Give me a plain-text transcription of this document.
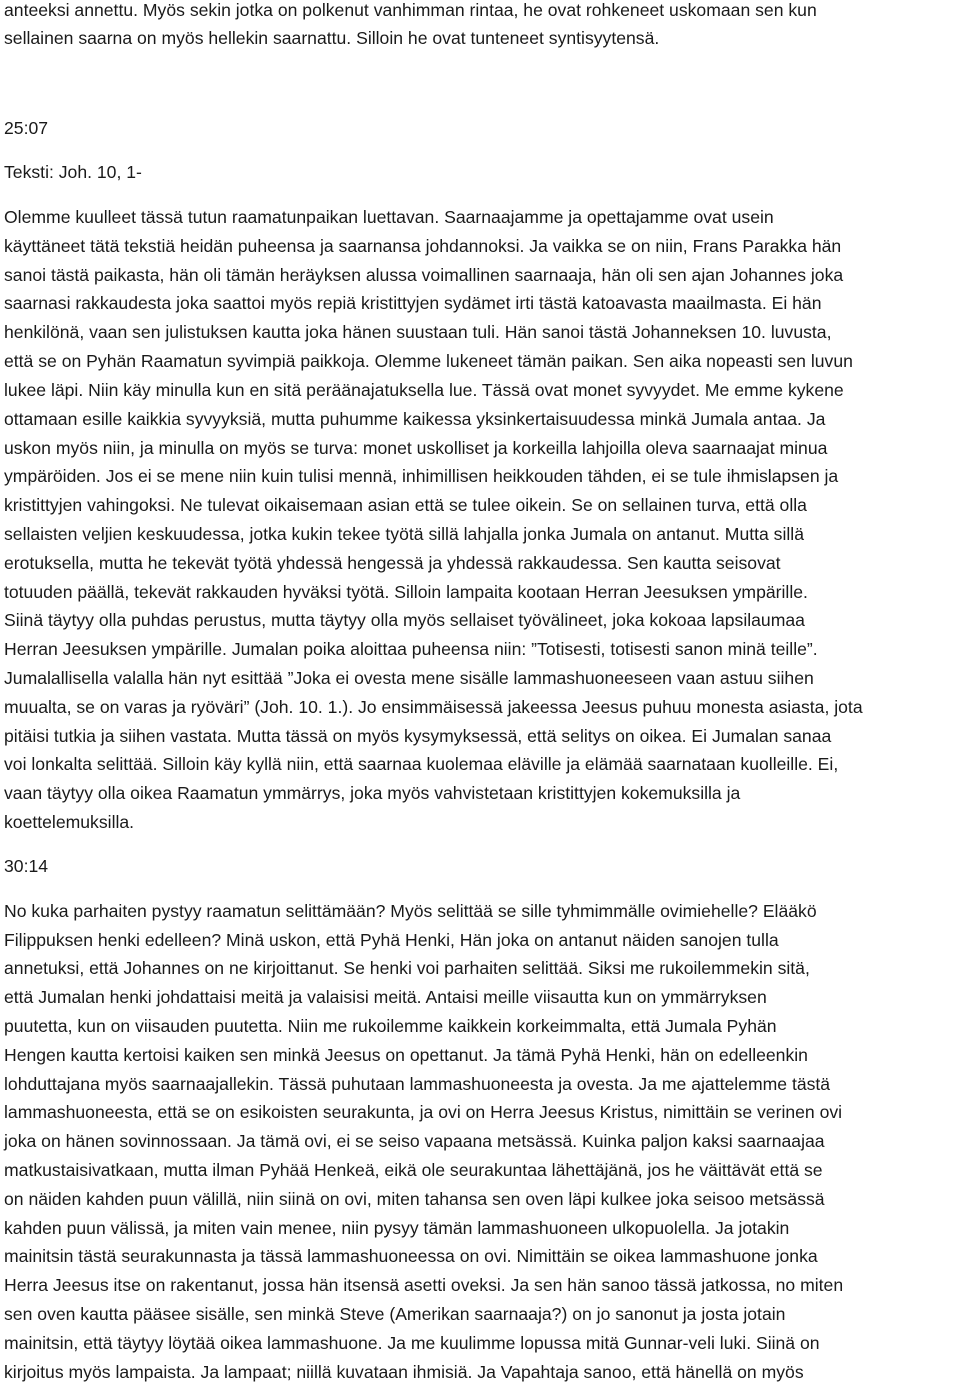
anteeksi annettu. Myös sekin jotka on polkenut vanhimman rintaa, he ovat rohkeneet uskomaan sen kun
sellainen saarna on myös hellekin saarnattu. Silloin he ovat tunteneet syntisyytensä.
25:07
Teksti: Joh. 10, 1-
Olemme kuulleet tässä tutun raamatunpaikan luettavan. Saarnaajamme ja opettajamme ovat usein
käyttäneet tätä tekstiä heidän puheensa ja saarnansa johdannoksi. Ja vaikka se on niin, Frans Parakka hän
sanoi tästä paikasta, hän oli tämän heräyksen alussa voimallinen saarnaaja, hän oli sen ajan Johannes joka
saarnasi rakkaudesta joka saattoi myös repiä kristittyjen sydämet irti tästä katoavasta maailmasta. Ei hän
henkilönä, vaan sen julistuksen kautta joka hänen suustaan tuli. Hän sanoi tästä Johanneksen 10. luvusta,
että se on Pyhän Raamatun syvimpiä paikkoja. Olemme lukeneet tämän paikan. Sen aika nopeasti sen luvun
lukee läpi. Niin käy minulla kun en sitä peräänajatuksella lue. Tässä ovat monet syvyydet. Me emme kykene
ottamaan esille kaikkia syvyyksiä, mutta puhumme kaikessa yksinkertaisuudessa minkä Jumala antaa. Ja
uskon myös niin, ja minulla on myös se turva: monet uskolliset ja korkeilla lahjoilla oleva saarnaajat minua
ympäröiden. Jos ei se mene niin kuin tulisi mennä, inhimillisen heikkouden tähden, ei se tule ihmislapsen ja
kristittyjen vahingoksi. Ne tulevat oikaisemaan asian että se tulee oikein. Se on sellainen turva, että olla
sellaisten veljien keskuudessa, jotka kukin tekee työtä sillä lahjalla jonka Jumala on antanut. Mutta sillä
erotuksella, mutta he tekevät työtä yhdessä hengessä ja yhdessä rakkaudessa. Sen kautta seisovat
totuuden päällä, tekevät rakkauden hyväksi työtä. Silloin lampaita kootaan Herran Jeesuksen ympärille.
Siinä täytyy olla puhdas perustus, mutta täytyy olla myös sellaiset työvälineet, joka kokoaa lapsilaumaa
Herran Jeesuksen ympärille. Jumalan poika aloittaa puheensa niin: ”Totisesti, totisesti sanon minä teille”.
Jumalallisella valalla hän nyt esittää ”Joka ei ovesta mene sisälle lammashuoneeseen vaan astuu siihen
muualta, se on varas ja ryöväri” (Joh. 10. 1.). Jo ensimmäisessä jakeessa Jeesus puhuu monesta asiasta, jota
pitäisi tutkia ja siihen vastata. Mutta tässä on myös kysymyksessä, että selitys on oikea. Ei Jumalan sanaa
voi lonkalta selittää. Silloin käy kyllä niin, että saarnaa kuolemaa eläville ja elämää saarnataan kuolleille. Ei,
vaan täytyy olla oikea Raamatun ymmärrys, joka myös vahvistetaan kristittyjen kokemuksilla ja
koettelemuksilla.
30:14
No kuka parhaiten pystyy raamatun selittämään? Myös selittää se sille tyhmimmälle ovimiehelle? Elääkö
Filippuksen henki edelleen? Minä uskon, että Pyhä Henki, Hän joka on antanut näiden sanojen tulla
annetuksi, että Johannes on ne kirjoittanut. Se henki voi parhaiten selittää. Siksi me rukoilemmekin sitä,
että Jumalan henki johdattaisi meitä ja valaisisi meitä. Antaisi meille viisautta kun on ymmärryksen
puutetta, kun on viisauden puutetta. Niin me rukoilemme kaikkein korkeimmalta, että Jumala Pyhän
Hengen kautta kertoisi kaiken sen minkä Jeesus on opettanut. Ja tämä Pyhä Henki, hän on edelleenkin
lohduttajana myös saarnaajallekin. Tässä puhutaan lammashuoneesta ja ovesta. Ja me ajattelemme tästä
lammashuoneesta, että se on esikoisten seurakunta, ja ovi on Herra Jeesus Kristus, nimittäin se verinen ovi
joka on hänen sovinnossaan. Ja tämä ovi, ei se seiso vapaana metsässä. Kuinka paljon kaksi saarnaajaa
matkustaisivatkaan, mutta ilman Pyhää Henkeä, eikä ole seurakuntaa lähettäjänä, jos he väittävät että se
on näiden kahden puun välillä, niin siinä on ovi, miten tahansa sen oven läpi kulkee joka seisoo metsässä
kahden puun välissä, ja miten vain menee, niin pysyy tämän lammashuoneen ulkopuolella. Ja jotakin
mainitsin tästä seurakunnasta ja tässä lammashuoneessa on ovi. Nimittäin se oikea lammashuone jonka
Herra Jeesus itse on rakentanut, jossa hän itsensä asetti oveksi. Ja sen hän sanoo tässä jatkossa, no miten
sen oven kautta pääsee sisälle, sen minkä Steve (Amerikan saarnaaja?) on jo sanonut ja josta jotain
mainitsin, että täytyy löytää oikea lammashuone. Ja me kuulimme lopussa mitä Gunnar-veli luki. Siinä on
kirjoitus myös lampaista. Ja lampaat; niillä kuvataan ihmisiä. Ja Vapahtaja sanoo, että hänellä on myös
